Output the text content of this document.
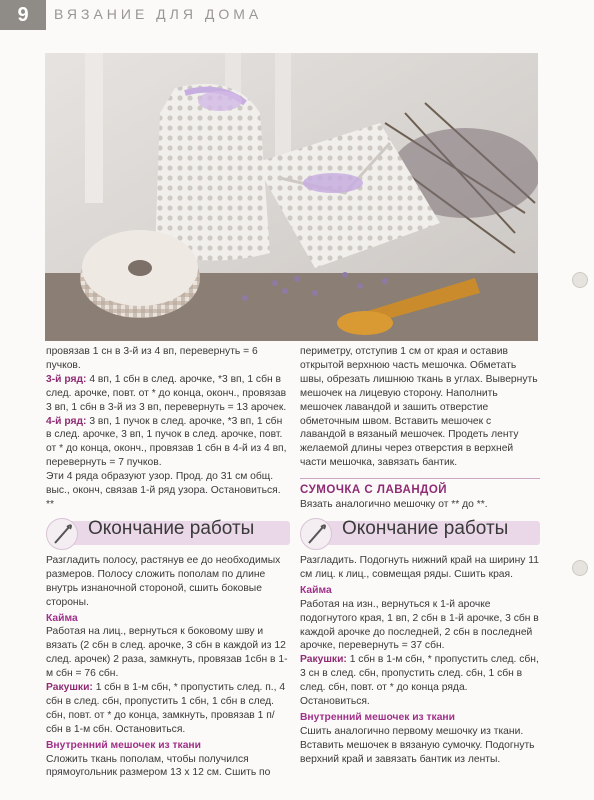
9	ВЯЗАНИЕ ДЛЯ ДОМА

провязав 1 сн в 3-й из 4 вп, перевернуть = 6 пучков.

3-й ряд: 4 вп, 1 сбн в след. арочке, *3 вп, 1 сбн в след. арочке, повт. от * до конца, оконч., провязав 3 вп, 1 сбн в 3-й из 3 вп, перевернуть = 13 арочек.

4-й ряд: 3 вп, 1 пучок в след. арочке, *3 вп, 1 сбн в след. арочке, 3 вп, 1 пучок в след. арочке, повт. от * до конца, оконч., провязав 1 сбн в 4-й из 4 вп, перевернуть = 7 пучков.

Эти 4 ряда образуют узор. Прод. до 31 см общ. выс., оконч, связав 1-й ряд узора. Остановиться. **

Окончание работы

Разгладить полосу, растянув ее до необходимых размеров. Полосу сложить пополам по длине внутрь изнаночной стороной, сшить боковые стороны.

Кайма

Работая на лиц., вернуться к боковому шву и вязать (2 сбн в след. арочке, 3 сбн в каждой из 12 след. арочек) 2 раза, замкнуть, провязав 1сбн в 1-м сбн = 76 сбн.

Ракушки: 1 сбн в 1-м сбн, * пропустить след. п., 4 сбн в след. сбн, пропустить 1 сбн, 1 сбн в след. сбн, повт. от * до конца, замкнуть, провязав 1 п/сбн в 1-м сбн. Остановиться.

Внутренний мешочек из ткани

Сложить ткань пополам, чтобы получился прямоугольник размером 13 х 12 см. Сшить по

периметру, отступив 1 см от края и оставив открытой верхнюю часть мешочка. Обметать швы, обрезать лишнюю ткань в углах. Вывернуть мешочек на лицевую сторону. Наполнить мешочек лавандой и зашить отверстие обметочным швом. Вставить мешочек с лавандой в вязаный мешочек. Продеть ленту желаемой длины через отверстия в верхней части мешочка, завязать бантик.

СУМОЧКА С ЛАВАНДОЙ

Вязать аналогично мешочку от ** до **.

Окончание работы

Разгладить. Подогнуть нижний край на ширину 11 см лиц. к лиц., совмещая ряды. Сшить края.

Кайма

Работая на изн., вернуться к 1-й арочке подогнутого края, 1 вп, 2 сбн в 1-й арочке, 3 сбн в каждой арочке до последней, 2 сбн в последней арочке, перевернуть = 37 сбн.

Ракушки: 1 сбн в 1-м сбн, * пропустить след. сбн, 3 сн в след. сбн, пропустить след. сбн, 1 сбн в след. сбн, повт. от * до конца ряда. Остановиться.

Внутренний мешочек из ткани

Сшить аналогично первому мешочку из ткани. Вставить мешочек в вязаную сумочку. Подогнуть верхний край и завязать бантик из ленты.
